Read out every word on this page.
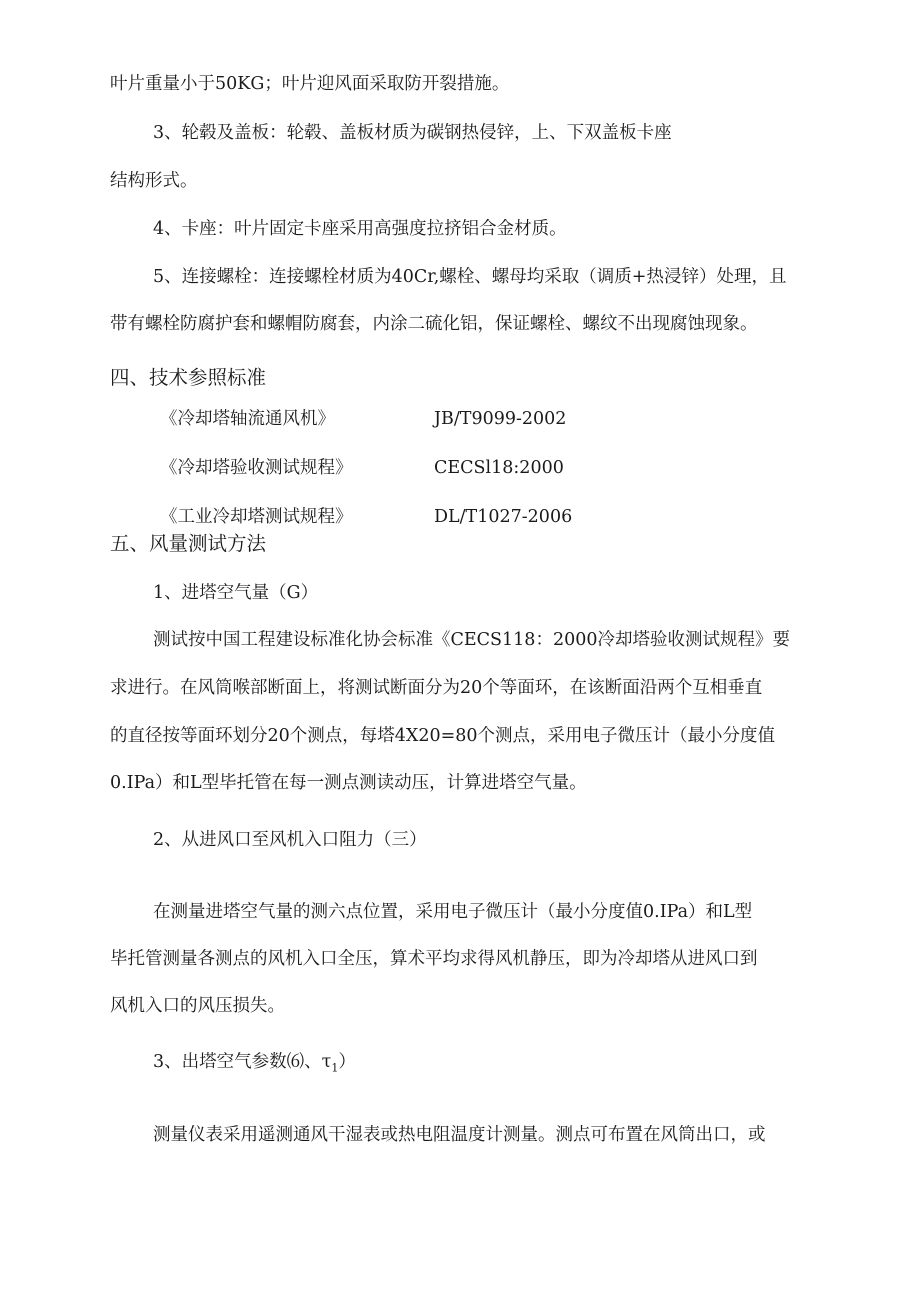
叶片重量小于50KG；叶片迎风面采取防开裂措施。
3、轮毂及盖板：轮毂、盖板材质为碳钢热侵锌，上、下双盖板卡座
结构形式。
4、卡座：叶片固定卡座采用高强度拉挤铝合金材质。
5、连接螺栓：连接螺栓材质为40Cr,螺栓、螺母均采取（调质+热浸锌）处理，且
带有螺栓防腐护套和螺帽防腐套，内涂二硫化铝，保证螺栓、螺纹不出现腐蚀现象。
四、技术参照标准
《冷却塔轴流通风机》	JB/T9099-2002
《冷却塔验收测试规程》	CECSl18:2000
《工业冷却塔测试规程》	DL/T1027-2006
五、风量测试方法
1、进塔空气量（G）
测试按中国工程建设标准化协会标准《CECS118：2000冷却塔验收测试规程》要
求进行。在风筒喉部断面上，将测试断面分为20个等面环，在该断面沿两个互相垂直
的直径按等面环划分20个测点，每塔4X20=80个测点，采用电子微压计（最小分度值
0.IPa）和L型毕托管在每一测点测读动压，计算进塔空气量。
2、从进风口至风机入口阻力（三）
在测量进塔空气量的测六点位置，采用电子微压计（最小分度值0.IPa）和L型
毕托管测量各测点的风机入口全压，算术平均求得风机静压，即为冷却塔从进风口到
风机入口的风压损失。
3、出塔空气参数⑹、$\tau_1$）
测量仪表采用遥测通风干湿表或热电阻温度计测量。测点可布置在风筒出口，或
